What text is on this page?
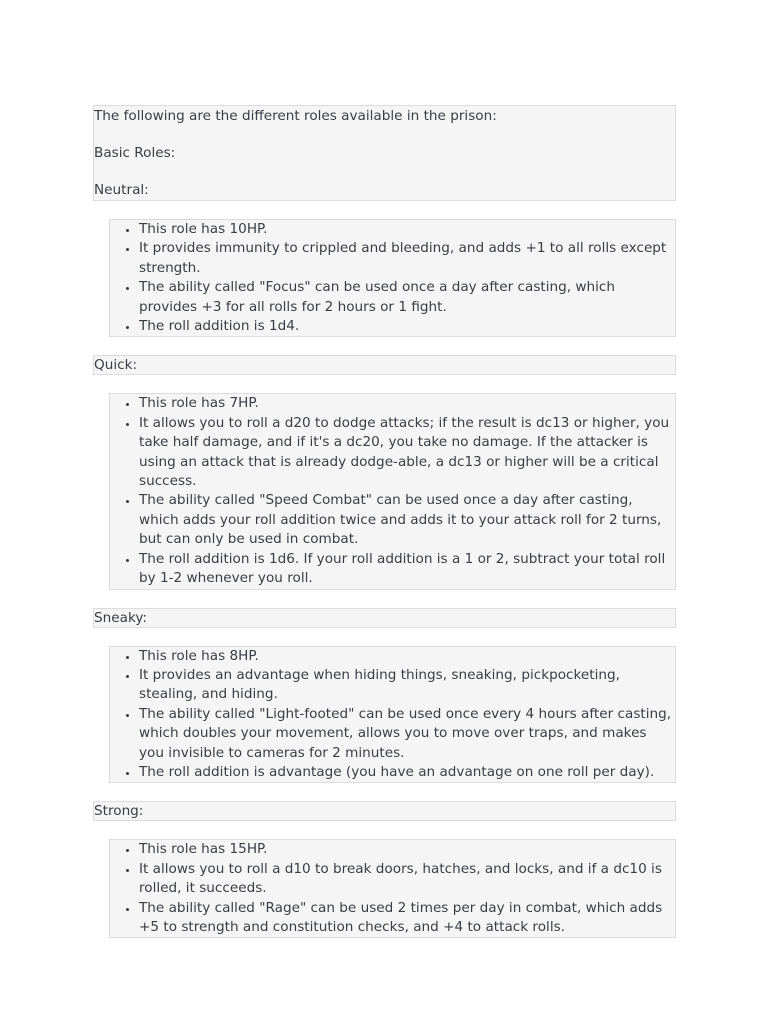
The following are the different roles available in the prison:
Basic Roles:
Neutral:
• This role has 10HP.
• It provides immunity to crippled and bleeding, and adds +1 to all rolls except strength.
• The ability called "Focus" can be used once a day after casting, which provides +3 for all rolls for 2 hours or 1 fight.
• The roll addition is 1d4.
Quick:
• This role has 7HP.
• It allows you to roll a d20 to dodge attacks; if the result is dc13 or higher, you take half damage, and if it's a dc20, you take no damage. If the attacker is using an attack that is already dodge-able, a dc13 or higher will be a critical success.
• The ability called "Speed Combat" can be used once a day after casting, which adds your roll addition twice and adds it to your attack roll for 2 turns, but can only be used in combat.
• The roll addition is 1d6. If your roll addition is a 1 or 2, subtract your total roll by 1-2 whenever you roll.
Sneaky:
• This role has 8HP.
• It provides an advantage when hiding things, sneaking, pickpocketing, stealing, and hiding.
• The ability called "Light-footed" can be used once every 4 hours after casting, which doubles your movement, allows you to move over traps, and makes you invisible to cameras for 2 minutes.
• The roll addition is advantage (you have an advantage on one roll per day).
Strong:
• This role has 15HP.
• It allows you to roll a d10 to break doors, hatches, and locks, and if a dc10 is rolled, it succeeds.
• The ability called "Rage" can be used 2 times per day in combat, which adds +5 to strength and constitution checks, and +4 to attack rolls.
